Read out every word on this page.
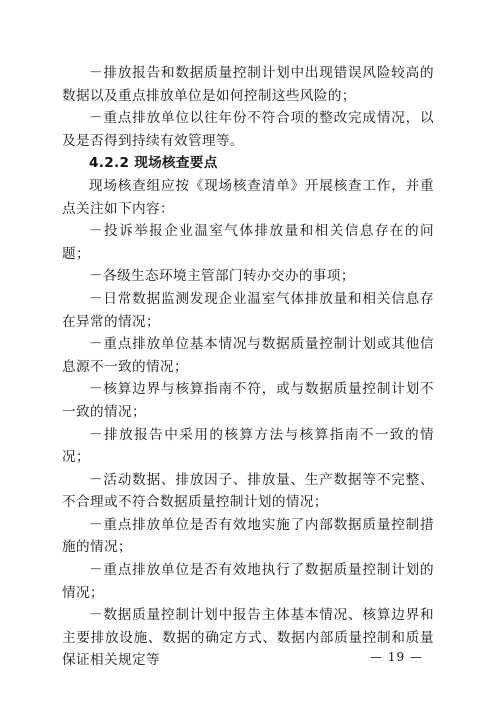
－排放报告和数据质量控制计划中出现错误风险较高的数据以及重点排放单位是如何控制这些风险的；

－重点排放单位以往年份不符合项的整改完成情况，以及是否得到持续有效管理等。

4.2.2 现场核查要点

现场核查组应按《现场核查清单》开展核查工作，并重点关注如下内容：

－投诉举报企业温室气体排放量和相关信息存在的问题；

－各级生态环境主管部门转办交办的事项；

－日常数据监测发现企业温室气体排放量和相关信息存在异常的情况；

－重点排放单位基本情况与数据质量控制计划或其他信息源不一致的情况；

－核算边界与核算指南不符，或与数据质量控制计划不一致的情况；

－排放报告中采用的核算方法与核算指南不一致的情况；

－活动数据、排放因子、排放量、生产数据等不完整、不合理或不符合数据质量控制计划的情况；

－重点排放单位是否有效地实施了内部数据质量控制措施的情况；

－重点排放单位是否有效地执行了数据质量控制计划的情况；

－数据质量控制计划中报告主体基本情况、核算边界和主要排放设施、数据的确定方式、数据内部质量控制和质量保证相关规定等	— 19 —
